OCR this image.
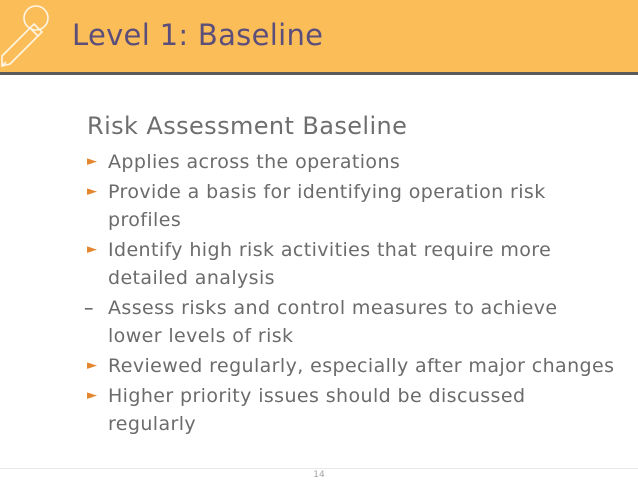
Level 1: Baseline
Risk Assessment Baseline
► Applies across the operations
► Provide a basis for identifying operation risk profiles
► Identify high risk activities that require more detailed analysis
– Assess risks and control measures to achieve lower levels of risk
► Reviewed regularly, especially after major changes
► Higher priority issues should be discussed regularly
14
